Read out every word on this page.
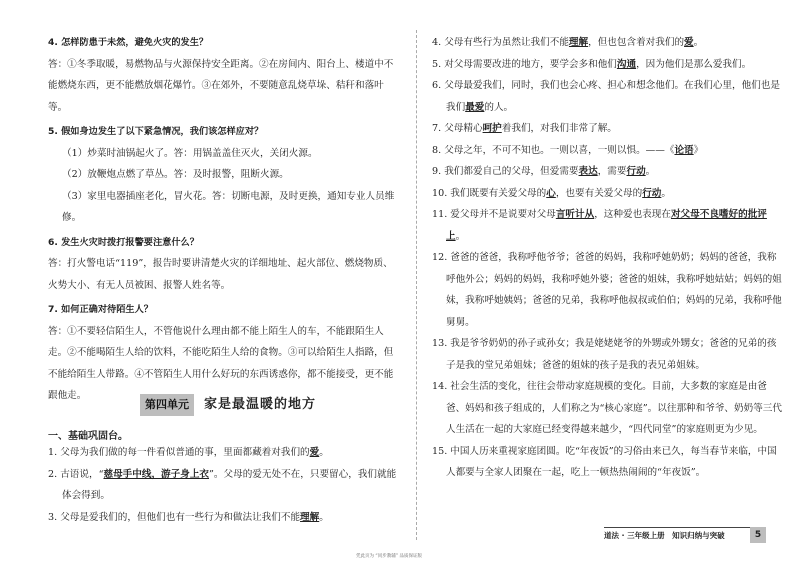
4. 怎样防患于未然，避免火灾的发生？

答：①冬季取暖，易燃物品与火源保持安全距离。②在房间内、阳台上、楼道中不能燃烧东西，更不能燃放烟花爆竹。③在郊外，不要随意乱烧草垛、秸秆和落叶等。

5. 假如身边发生了以下紧急情况，我们该怎样应对？

（1）炒菜时油锅起火了。答：用锅盖盖住灭火，关闭火源。

（2）放鞭炮点燃了草丛。答：及时报警，阻断火源。

（3）家里电器插座老化，冒火花。答：切断电源，及时更换，通知专业人员维修。

6. 发生火灾时拨打报警要注意什么？

答：打火警电话“119”，报告时要讲清楚火灾的详细地址、起火部位、燃烧物质、火势大小、有无人员被困、报警人姓名等。

7. 如何正确对待陌生人？

答：①不要轻信陌生人，不管他说什么理由都不能上陌生人的车，不能跟陌生人走。②不能喝陌生人给的饮料，不能吃陌生人给的食物。③可以给陌生人指路，但不能给陌生人带路。④不管陌生人用什么好玩的东西诱惑你，都不能接受，更不能跟他走。

第四单元	家是最温暖的地方
一、基础巩固台。

1. 父母为我们做的每一件看似普通的事，里面都藏着对我们的爱。

2. 古语说，“慈母手中线，游子身上衣”。父母的爱无处不在，只要留心，我们就能体会得到。

3. 父母是爱我们的，但他们也有一些行为和做法让我们不能理解。

4. 父母有些行为虽然让我们不能理解，但也包含着对我们的爱。

5. 对父母需要改进的地方，要学会多和他们沟通，因为他们是那么爱我们。

6. 父母最爱我们，同时，我们也会心疼、担心和想念他们。在我们心里，他们也是我们最爱的人。

7. 父母精心呵护着我们，对我们非常了解。

8. 父母之年，不可不知也。一则以喜，一则以惧。——《论语》

9. 我们都爱自己的父母，但爱需要表达，需要行动。

10. 我们既要有关爱父母的心，也要有关爱父母的行动。

11. 爱父母并不是说要对父母言听计从，这种爱也表现在对父母不良嗜好的批评上。

12. 爸爸的爸爸，我称呼他爷爷；爸爸的妈妈，我称呼她奶奶；妈妈的爸爸，我称呼他外公；妈妈的妈妈，我称呼她外婆；爸爸的姐妹，我称呼她姑姑；妈妈的姐妹，我称呼她姨妈；爸爸的兄弟，我称呼他叔叔或伯伯；妈妈的兄弟，我称呼他舅舅。

13. 我是爷爷奶奶的孙子或孙女；我是姥姥姥爷的外甥或外甥女；爸爸的兄弟的孩子是我的堂兄弟姐妹；爸爸的姐妹的孩子是我的表兄弟姐妹。

14. 社会生活的变化，往往会带动家庭规模的变化。目前，大多数的家庭是由爸爸、妈妈和孩子组成的，人们称之为“核心家庭”。以往那种和爷爷、奶奶等三代人生活在一起的大家庭已经变得越来越少，“四代同堂”的家庭则更为少见。

15. 中国人历来重视家庭团圆。吃“年夜饭”的习俗由来已久，每当春节来临，中国人都要与全家人团聚在一起，吃上一顿热热闹闹的“年夜饭”。

道法 · 三年级上册　知识归纳与突破	5
凭此页为 “同步教辅” 品质保证版
